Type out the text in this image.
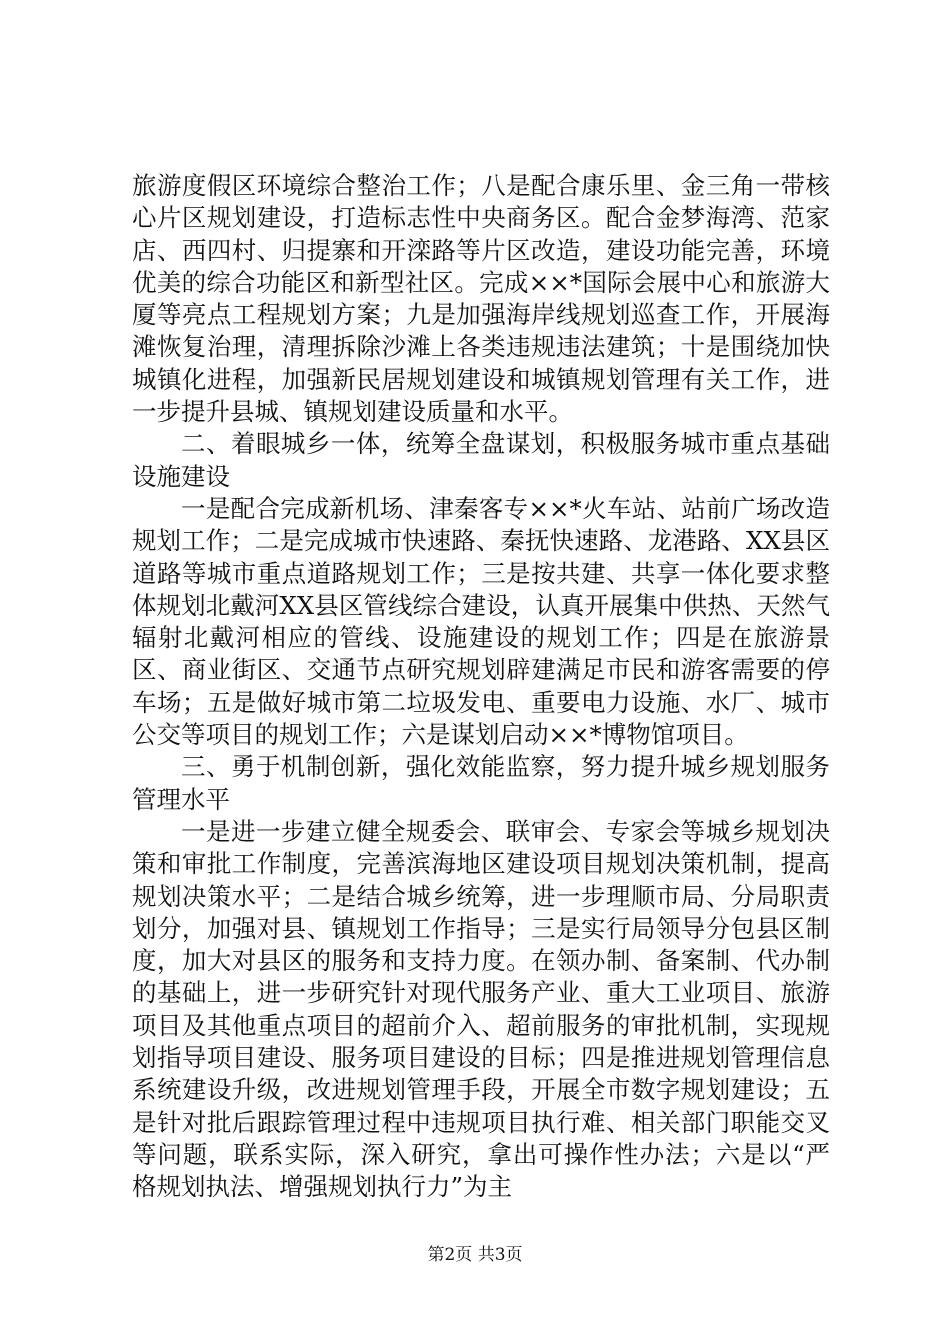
旅游度假区环境综合整治工作；八是配合康乐里、金三角一带核心片区规划建设，打造标志性中央商务区。配合金梦海湾、范家店、西四村、归提寨和开滦路等片区改造，建设功能完善，环境优美的综合功能区和新型社区。完成××*国际会展中心和旅游大厦等亮点工程规划方案；九是加强海岸线规划巡查工作，开展海滩恢复治理，清理拆除沙滩上各类违规违法建筑；十是围绕加快城镇化进程，加强新民居规划建设和城镇规划管理有关工作，进一步提升县城、镇规划建设质量和水平。

二、着眼城乡一体，统筹全盘谋划，积极服务城市重点基础设施建设

一是配合完成新机场、津秦客专××*火车站、站前广场改造规划工作；二是完成城市快速路、秦抚快速路、龙港路、XX县区道路等城市重点道路规划工作；三是按共建、共享一体化要求整体规划北戴河XX县区管线综合建设，认真开展集中供热、天然气辐射北戴河相应的管线、设施建设的规划工作；四是在旅游景区、商业街区、交通节点研究规划辟建满足市民和游客需要的停车场；五是做好城市第二垃圾发电、重要电力设施、水厂、城市公交等项目的规划工作；六是谋划启动××*博物馆项目。

三、勇于机制创新，强化效能监察，努力提升城乡规划服务管理水平

一是进一步建立健全规委会、联审会、专家会等城乡规划决策和审批工作制度，完善滨海地区建设项目规划决策机制，提高规划决策水平；二是结合城乡统筹，进一步理顺市局、分局职责划分，加强对县、镇规划工作指导；三是实行局领导分包县区制度，加大对县区的服务和支持力度。在领办制、备案制、代办制的基础上，进一步研究针对现代服务产业、重大工业项目、旅游项目及其他重点项目的超前介入、超前服务的审批机制，实现规划指导项目建设、服务项目建设的目标；四是推进规划管理信息系统建设升级，改进规划管理手段，开展全市数字规划建设；五是针对批后跟踪管理过程中违规项目执行难、相关部门职能交叉等问题，联系实际，深入研究，拿出可操作性办法；六是以“严格规划执法、增强规划执行力”为主

第2页 共3页
